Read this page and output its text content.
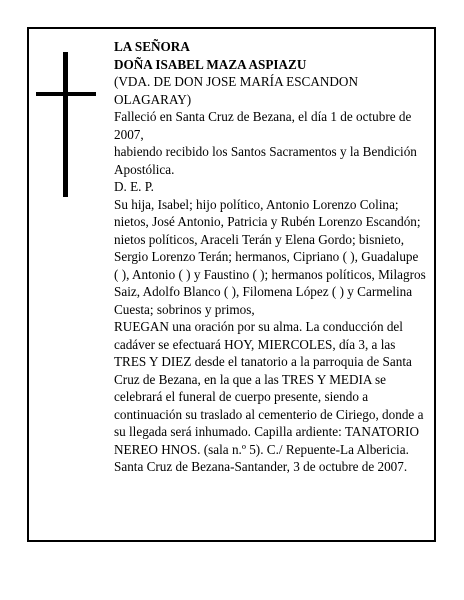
LA SEÑORA

DOÑA ISABEL MAZA ASPIAZU

(VDA. DE DON JOSE MARÍA ESCANDON OLAGARAY)

Falleció en Santa Cruz de Bezana, el día 1 de octubre de 2007,

habiendo recibido los Santos Sacramentos y la Bendición Apostólica.

D. E. P.

Su hija, Isabel; hijo político, Antonio Lorenzo Colina; nietos, José Antonio, Patricia y Rubén Lorenzo Escandón; nietos políticos, Araceli Terán y Elena Gordo; bisnieto, Sergio Lorenzo Terán; hermanos, Cipriano ( ), Guadalupe ( ), Antonio ( ) y Faustino ( ); hermanos políticos, Milagros Saiz, Adolfo Blanco ( ), Filomena López ( ) y Carmelina Cuesta; sobrinos y primos,

RUEGAN una oración por su alma. La conducción del cadáver se efectuará HOY, MIERCOLES, día 3, a las TRES Y DIEZ desde el tanatorio a la parroquia de Santa Cruz de Bezana, en la que a las TRES Y MEDIA se celebrará el funeral de cuerpo presente, siendo a continuación su traslado al cementerio de Ciriego, donde a su llegada será inhumado. Capilla ardiente: TANATORIO NEREO HNOS. (sala n.º 5). C./ Repuente-La Albericia.

Santa Cruz de Bezana-Santander, 3 de octubre de 2007.
